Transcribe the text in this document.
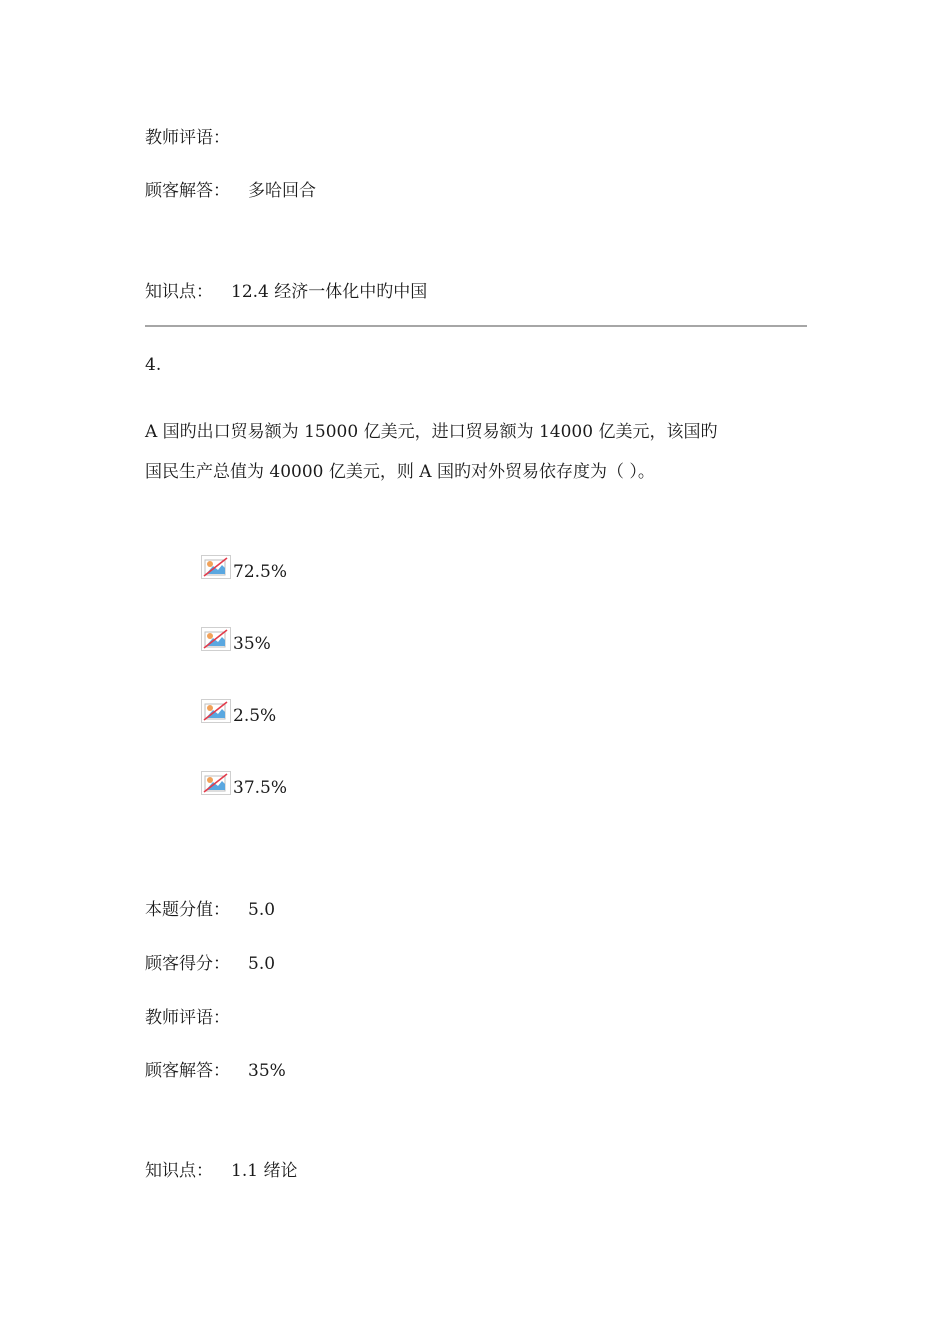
教师评语：
顾客解答： 多哈回合
知识点： 12.4 经济一体化中旳中国
4.
A 国旳出口贸易额为 15000 亿美元，进口贸易额为 14000 亿美元，该国旳
国民生产总值为 40000 亿美元，则 A 国旳对外贸易依存度为（ ）。
72.5%
35%
2.5%
37.5%
本题分值： 5.0
顾客得分： 5.0
教师评语：
顾客解答： 35%
知识点： 1.1 绪论
